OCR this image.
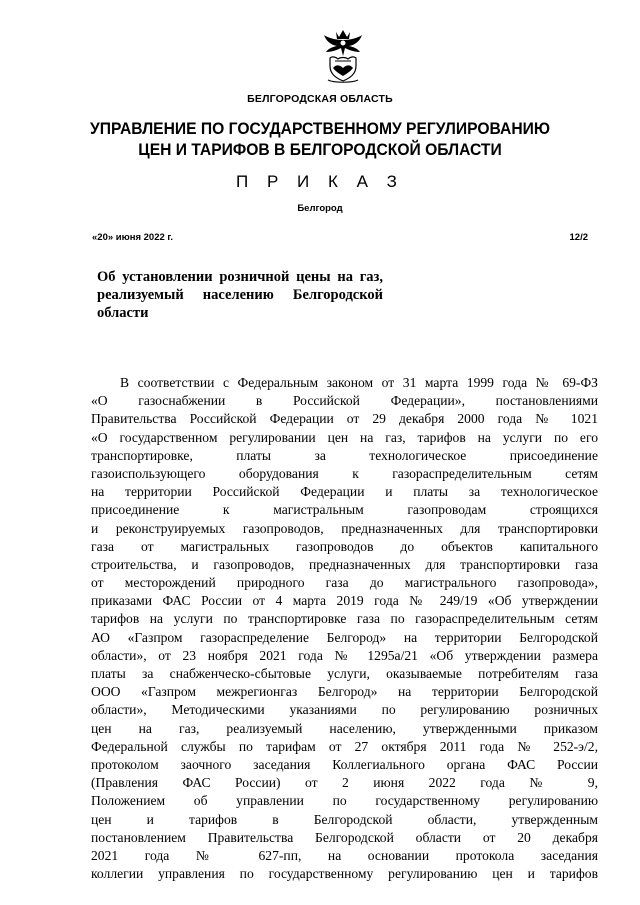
БЕЛГОРОДСКАЯ ОБЛАСТЬ
УПРАВЛЕНИЕ ПО ГОСУДАРСТВЕННОМУ РЕГУЛИРОВАНИЮ
ЦЕН И ТАРИФОВ В БЕЛГОРОДСКОЙ ОБЛАСТИ
П Р И К А З
Белгород
«20» июня 2022 г.	12/2
Об установлении розничной цены на газ,
реализуемый населению Белгородской
области
В соответствии с Федеральным законом от 31 марта 1999 года № 69-ФЗ
«О газоснабжении в Российской Федерации», постановлениями
Правительства Российской Федерации от 29 декабря 2000 года № 1021
«О государственном регулировании цен на газ, тарифов на услуги по его
транспортировке, платы за технологическое присоединение
газоиспользующего оборудования к газораспределительным сетям
на территории Российской Федерации и платы за технологическое
присоединение к магистральным газопроводам строящихся
и реконструируемых газопроводов, предназначенных для транспортировки
газа от магистральных газопроводов до объектов капитального
строительства, и газопроводов, предназначенных для транспортировки газа
от месторождений природного газа до магистрального газопровода»,
приказами ФАС России от 4 марта 2019 года № 249/19 «Об утверждении
тарифов на услуги по транспортировке газа по газораспределительным сетям
АО «Газпром газораспределение Белгород» на территории Белгородской
области», от 23 ноября 2021 года № 1295а/21 «Об утверждении размера
платы за снабженческо-сбытовые услуги, оказываемые потребителям газа
ООО «Газпром межрегионгаз Белгород» на территории Белгородской
области», Методическими указаниями по регулированию розничных
цен на газ, реализуемый населению, утвержденными приказом
Федеральной службы по тарифам от 27 октября 2011 года № 252-э/2,
протоколом заочного заседания Коллегиального органа ФАС России
(Правления ФАС России) от 2 июня 2022 года № 9,
Положением об управлении по государственному регулированию
цен и тарифов в Белгородской области, утвержденным
постановлением Правительства Белгородской области от 20 декабря
2021 года № 627-пп, на основании протокола заседания
коллегии управления по государственному регулированию цен и тарифов
